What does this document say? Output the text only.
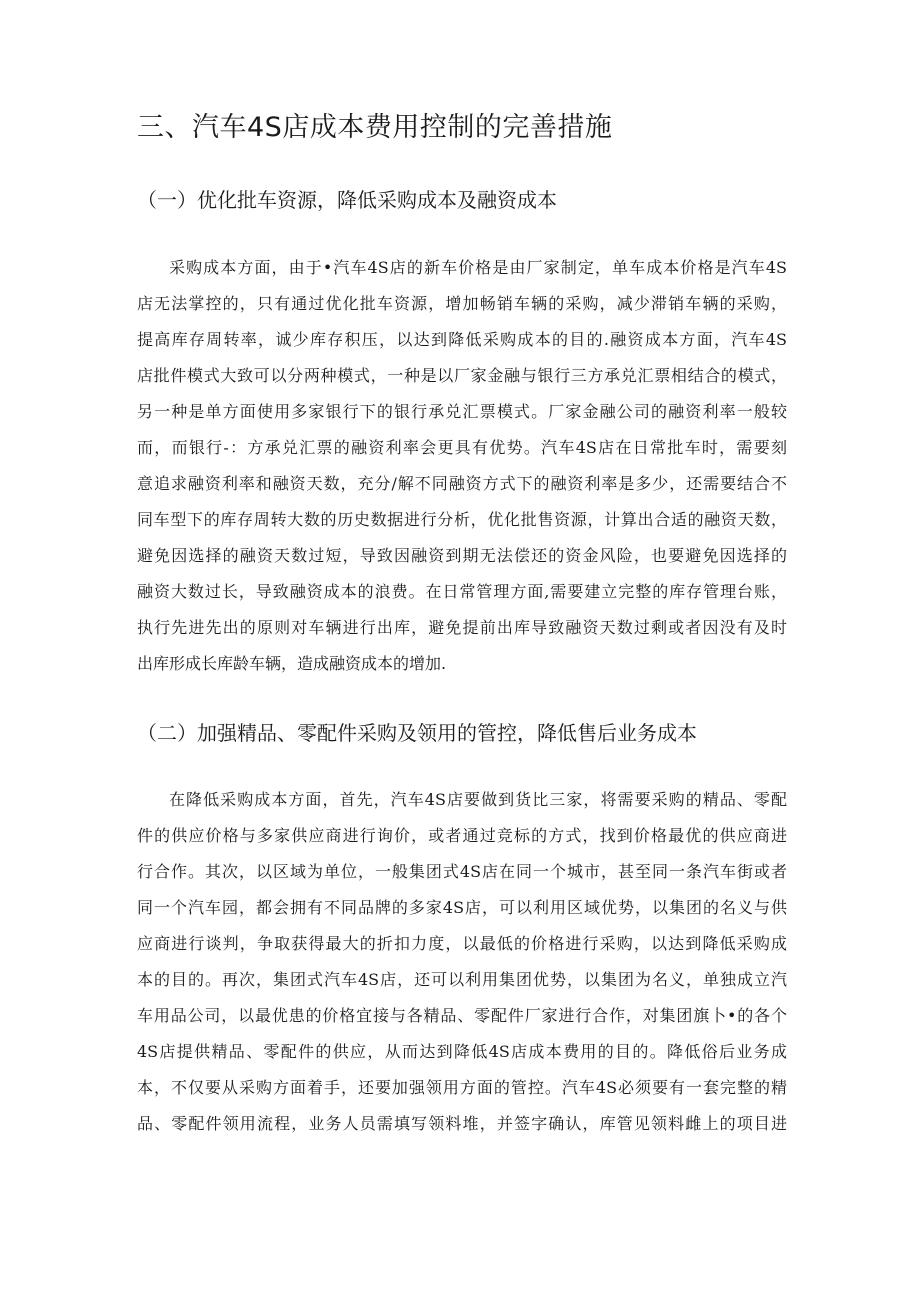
三、汽车4S店成本费用控制的完善措施
（一）优化批车资源，降低采购成本及融资成本
采购成本方面，由于•汽车4S店的新车价格是由厂家制定，单车成本价格是汽车4S
店无法掌控的，只有通过优化批车资源，增加畅销车辆的采购，减少滞销车辆的采购，
提高库存周转率，诚少库存积压，以达到降低采购成本的目的.融资成本方面，汽车4S
店批件模式大致可以分两种模式，一种是以厂家金融与银行三方承兑汇票相结合的模式，
另一种是单方面使用多家银行下的银行承兑汇票模式。厂家金融公司的融资利率一般较
而，而银行-：方承兑汇票的融资利率会更具有优势。汽车4S店在日常批车时，需要刻
意追求融资利率和融资天数，充分/解不同融资方式下的融资利率是多少，还需要结合不
同车型下的库存周转大数的历史数据进行分析，优化批售资源，计算出合适的融资天数，
避免因选择的融资天数过短，导致因融资到期无法偿还的资金风险，也要避免因选择的
融资大数过长，导致融资成本的浪费。在日常管理方面,需要建立完整的库存管理台账，
执行先进先出的原则对车辆进行出库，避免提前出库导致融资天数过剩或者因没有及时
出库形成长库龄车辆，造成融资成本的增加.
（二）加强精品、零配件采购及领用的管控，降低售后业务成本
在降低采购成本方面，首先，汽车4S店要做到货比三家，将需要采购的精品、零配
件的供应价格与多家供应商进行询价，或者通过竞标的方式，找到价格最优的供应商进
行合作。其次，以区域为单位，一般集团式4S店在同一个城市，甚至同一条汽车街或者
同一个汽车园，都会拥有不同品牌的多家4S店，可以利用区域优势，以集团的名义与供
应商进行谈判，争取获得最大的折扣力度，以最低的价格进行采购，以达到降低采购成
本的目的。再次，集团式汽车4S店，还可以利用集团优势，以集团为名义，单独成立汽
车用品公司，以最优患的价格宜接与各精品、零配件厂家进行合作，对集团旗卜•的各个
4S店提供精品、零配件的供应，从而达到降低4S店成本费用的目的。降低俗后业务成
本，不仅要从采购方面着手，还要加强领用方面的管控。汽车4S必须要有一套完整的精
品、零配件领用流程，业务人员需填写领料堆，并签字确认，库管见领料雌上的项目进
